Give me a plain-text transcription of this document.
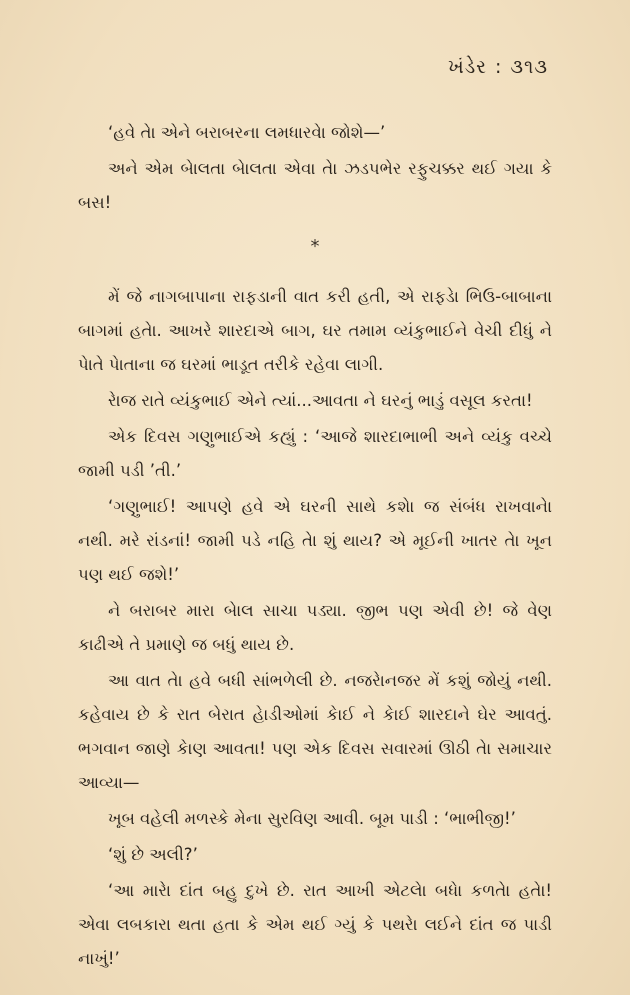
ખંડેર : ૩૧૩

‘હવે તેા એને બરાબરના લમધારવેા જોશે—’

અને એમ બેાલતા બેાલતા એવા તેા ઝડપભેર રફુચક્કર થઈ ગયા કે બસ!

*

મેં જે નાગબાપાના રાફડાની વાત કરી હતી, એ રાફડેા ભિઉ-બાબાના બાગમાં હતેા. આખરે શારદાએ બાગ, ઘર તમામ વ્યંકુભાઈને વેચી દીધું ને પેાતે પેાતાના જ ઘરમાં ભાડૂત તરીકે રહેવા લાગી.

રેાજ રાતે વ્યંકુભાઈ એને ત્યાં...આવતા ને ઘરનું ભાડું વસૂલ કરતા!

એક દિવસ ગણુભાઈએ કહ્યું : ‘આજે શારદાભાભી અને વ્યંકુ વચ્ચે જામી પડી ’તી.’

‘ગણુભાઈ! આપણે હવે એ ઘરની સાથે કશેા જ સંબંધ રાખવાનેા નથી. મરે રાંડનાં! જામી પડે નહિ તેા શું થાય? એ મૂઈની ખાતર તેા ખૂન પણ થઈ જશે!’

ને બરાબર મારા બેાલ સાચા પડ્યા. જીભ પણ એવી છે! જે વેણ કાઢીએ તે પ્રમાણે જ બધું થાય છે.

આ વાત તેા હવે બધી સાંભળેલી છે. નજરેાનજર મેં કશું જોયું નથી. કહેવાય છે કે રાત બેરાત હેાડીઓમાં કેાઈ ને કેાઈ શારદાને ઘેર આવતું. ભગવાન જાણે કેાણ આવતા! પણ એક દિવસ સવારમાં ઊઠી તેા સમાચાર આવ્યા—

ખૂબ વહેલી મળસ્કે મેના સુરવિણ આવી. બૂમ પાડી : ‘ભાભીજી!’

‘શું છે અલી?’

‘આ મારેા દાંત બહુ દુખે છે. રાત આખી એટલેા બધેા કળતેા હતેા! એવા લબકારા થતા હતા કે એમ થઈ ગ્યું કે પથરેા લઈને દાંત જ પાડી નાખું!’
